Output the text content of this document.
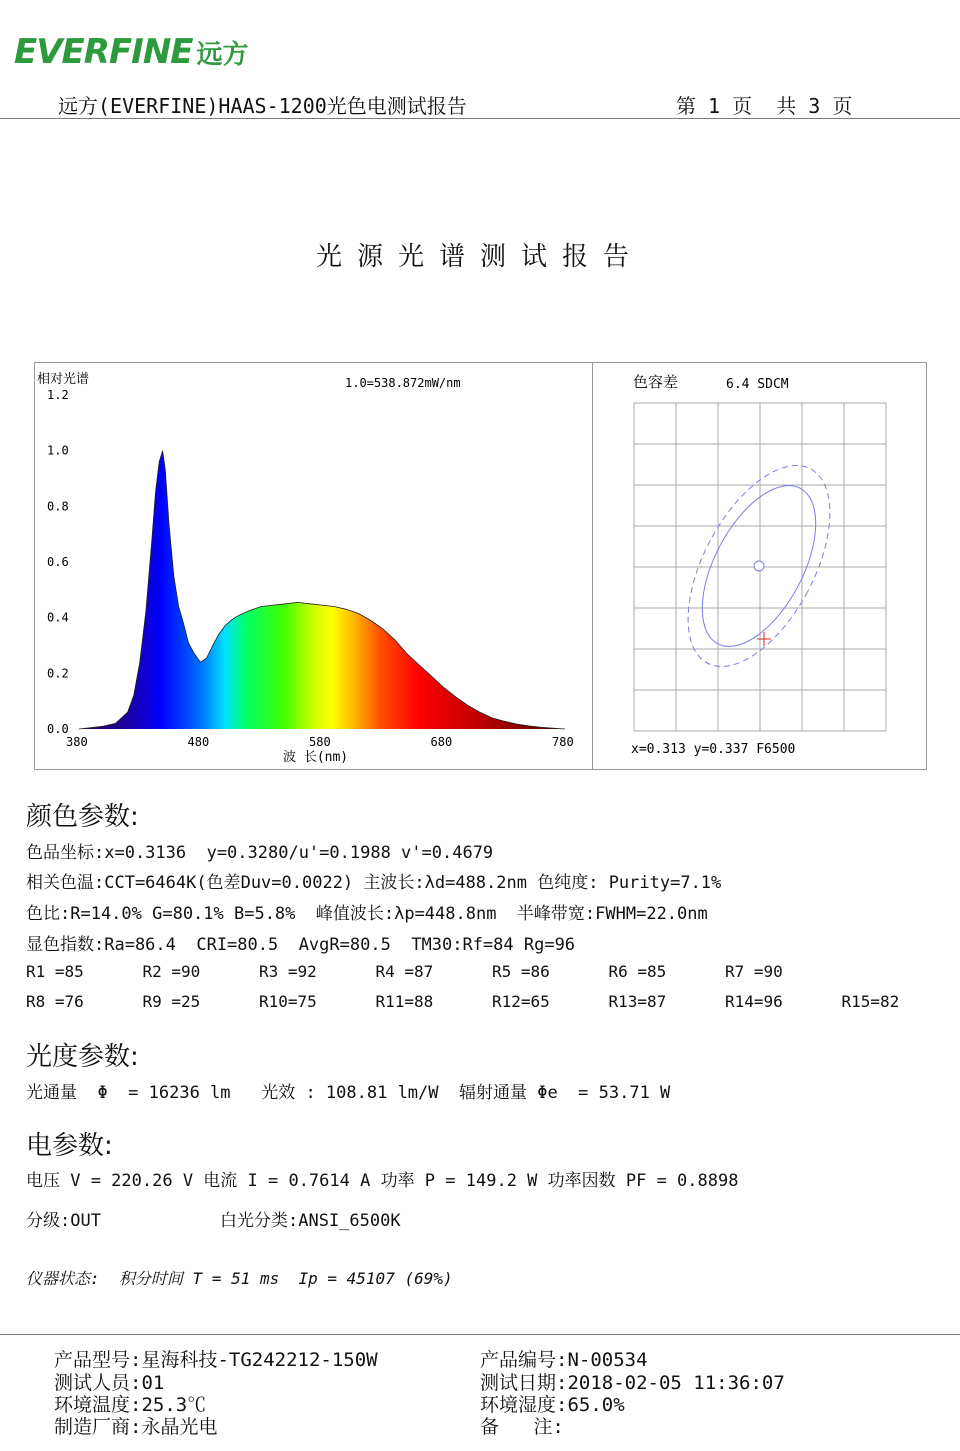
EVERFINE 远方
远方(EVERFINE)HAAS-1200光色电测试报告	第 1 页  共 3 页
光源光谱测试报告
相对光谱	1.0=538.872mW/nm
1.2
1.0
0.8
0.6
0.4
0.2
0.0
380	480	580	680	780
波 长(nm)
色容差	6.4 SDCM
x=0.313 y=0.337 F6500
颜色参数:
色品坐标:x=0.3136  y=0.3280/u'=0.1988 v'=0.4679
相关色温:CCT=6464K(色差Duv=0.0022) 主波长:λd=488.2nm 色纯度: Purity=7.1%
色比:R=14.0% G=80.1% B=5.8%  峰值波长:λp=448.8nm  半峰带宽:FWHM=22.0nm
显色指数:Ra=86.4  CRI=80.5  AvgR=80.5  TM30:Rf=84 Rg=96
R1 =85	R2 =90	R3 =92	R4 =87	R5 =86	R6 =85	R7 =90
R8 =76	R9 =25	R10=75	R11=88	R12=65	R13=87	R14=96	R15=82
光度参数:
光通量  Φ  = 16236 lm   光效 : 108.81 lm/W  辐射通量 Φe  = 53.71 W
电参数:
电压 V = 220.26 V 电流 I = 0.7614 A 功率 P = 149.2 W 功率因数 PF = 0.8898
分级:OUT	白光分类:ANSI_6500K
仪器状态:  积分时间 T = 51 ms  Ip = 45107 (69%)
产品型号:星海科技-TG242212-150W
测试人员:01
环境温度:25.3℃
制造厂商:永晶光电
产品编号:N-00534
测试日期:2018-02-05 11:36:07
环境湿度:65.0%
备   注:
